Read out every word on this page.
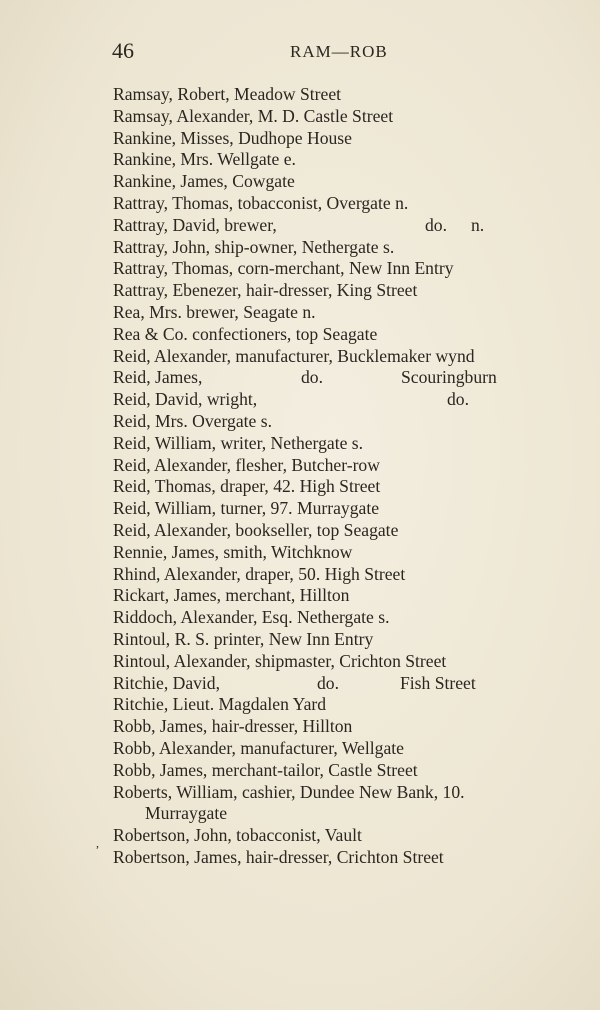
46	RAM—ROB
Ramsay, Robert, Meadow Street
Ramsay, Alexander, M. D. Castle Street
Rankine, Misses, Dudhope House
Rankine, Mrs. Wellgate e.
Rankine, James, Cowgate
Rattray, Thomas, tobacconist, Overgate n.
Rattray, David, brewer,	do. n.
Rattray, John, ship-owner, Nethergate s.
Rattray, Thomas, corn-merchant, New Inn Entry
Rattray, Ebenezer, hair-dresser, King Street
Rea, Mrs. brewer, Seagate n.
Rea & Co. confectioners, top Seagate
Reid, Alexander, manufacturer, Bucklemaker wynd
Reid, James,	do.	Scouringburn
Reid, David, wright,	do.
Reid, Mrs. Overgate s.
Reid, William, writer, Nethergate s.
Reid, Alexander, flesher, Butcher-row
Reid, Thomas, draper, 42. High Street
Reid, William, turner, 97. Murraygate
Reid, Alexander, bookseller, top Seagate
Rennie, James, smith, Witchknow
Rhind, Alexander, draper, 50. High Street
Rickart, James, merchant, Hillton
Riddoch, Alexander, Esq. Nethergate s.
Rintoul, R. S. printer, New Inn Entry
Rintoul, Alexander, shipmaster, Crichton Street
Ritchie, David,	do.	Fish Street
Ritchie, Lieut. Magdalen Yard
Robb, James, hair-dresser, Hillton
Robb, Alexander, manufacturer, Wellgate
Robb, James, merchant-tailor, Castle Street
Roberts, William, cashier, Dundee New Bank, 10.
Murraygate
Robertson, John, tobacconist, Vault
Robertson, James, hair-dresser, Crichton Street
,
